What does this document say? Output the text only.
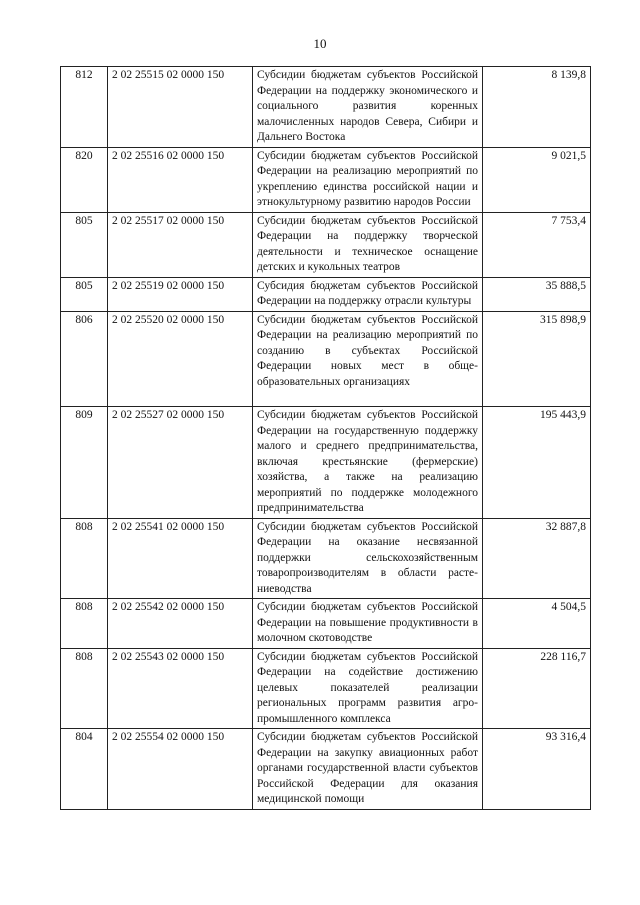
10
812	2 02 25515 02 0000 150	Субсидии бюджетам субъектов Российской Федерации на поддержку экономического и социального развития коренных малочисленных народов Севера, Сибири и Дальнего Востока	8 139,8
820	2 02 25516 02 0000 150	Субсидии бюджетам субъектов Российской Федерации на реализацию мероприятий по укреплению единства российской нации и этнокультурному развитию народов России	9 021,5
805	2 02 25517 02 0000 150	Субсидии бюджетам субъектов Российской Федерации на поддержку творческой деятельности и техническое оснащение детских и кукольных театров	7 753,4
805	2 02 25519 02 0000 150	Субсидия бюджетам субъектов Российской Федерации на поддержку отрасли культуры	35 888,5
806	2 02 25520 02 0000 150	Субсидии бюджетам субъектов Российской Федерации на реализацию мероприятий по созданию в субъектах Российской Федерации новых мест в общеобразовательных организациях	315 898,9
809	2 02 25527 02 0000 150	Субсидии бюджетам субъектов Российской Федерации на государственную поддержку малого и среднего предпринимательства, включая крестьянские (фермерские) хозяйства, а также на реализацию мероприятий по поддержке молодежного предпринимательства	195 443,9
808	2 02 25541 02 0000 150	Субсидии бюджетам субъектов Российской Федерации на оказание несвязанной поддержки сельскохозяйственным товаропроизводителям в области растениеводства	32 887,8
808	2 02 25542 02 0000 150	Субсидии бюджетам субъектов Российской Федерации на повышение продуктивности в молочном скотоводстве	4 504,5
808	2 02 25543 02 0000 150	Субсидии бюджетам субъектов Российской Федерации на содействие достижению целевых показателей реализации региональных программ развития агропромышленного комплекса	228 116,7
804	2 02 25554 02 0000 150	Субсидии бюджетам субъектов Российской Федерации на закупку авиационных работ органами государственной власти субъектов Российской Федерации для оказания медицинской помощи	93 316,4
